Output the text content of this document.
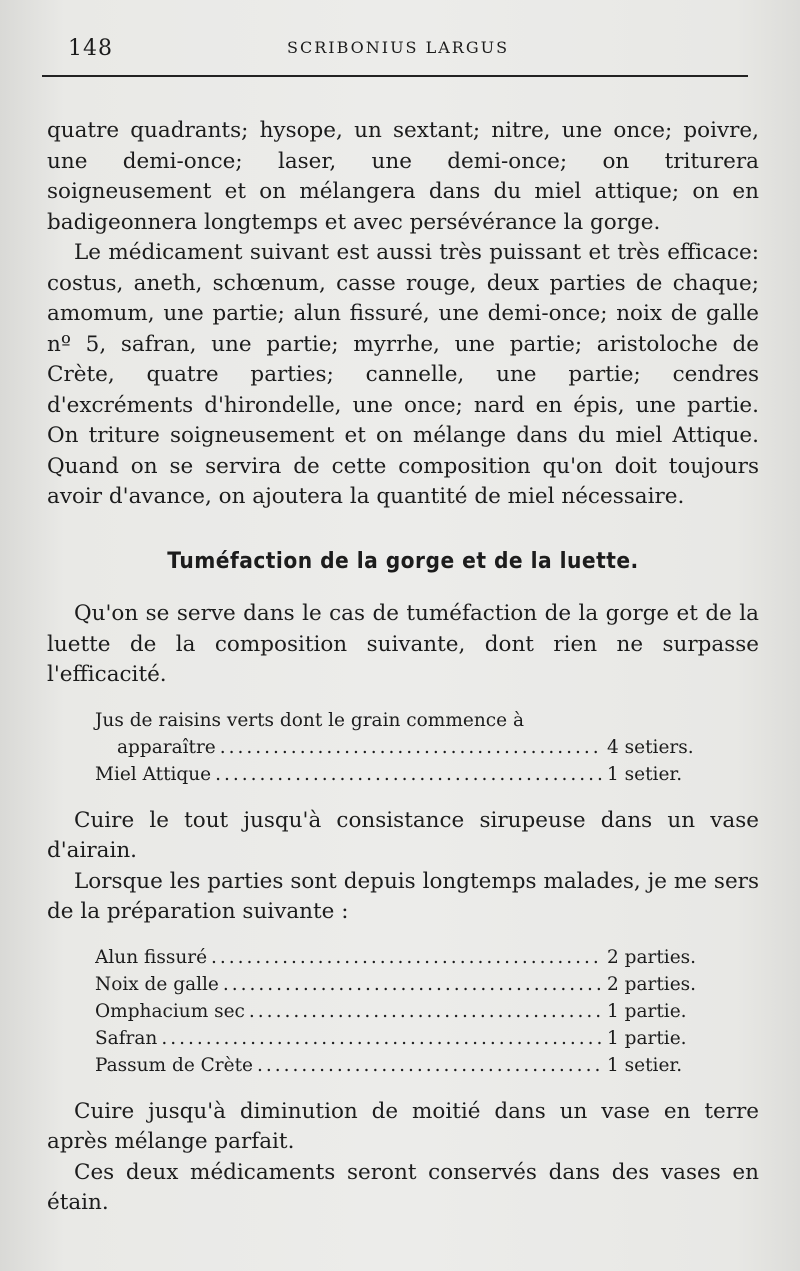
148	SCRIBONIUS LARGUS

quatre quadrants; hysope, un sextant; nitre, une once; poivre, une demi-once; laser, une demi-once; on triturera soigneusement et on mélangera dans du miel attique; on en badigeonnera longtemps et avec persévérance la gorge.

Le médicament suivant est aussi très puissant et très efficace: costus, aneth, schœnum, casse rouge, deux parties de chaque; amomum, une partie; alun fissuré, une demi-once; noix de galle nº 5, safran, une partie; myrrhe, une partie; aristoloche de Crète, quatre parties; cannelle, une partie; cendres d'excréments d'hirondelle, une once; nard en épis, une partie. On triture soigneusement et on mélange dans du miel Attique. Quand on se servira de cette composition qu'on doit toujours avoir d'avance, on ajoutera la quantité de miel nécessaire.

Tuméfaction de la gorge et de la luette.

Qu'on se serve dans le cas de tuméfaction de la gorge et de la luette de la composition suivante, dont rien ne surpasse l'efficacité.

Jus de raisins verts dont le grain commence à
apparaître .....	4 setiers.
Miel Attique .....	1 setier.

Cuire le tout jusqu'à consistance sirupeuse dans un vase d'airain.

Lorsque les parties sont depuis longtemps malades, je me sers de la préparation suivante :

Alun fissuré .....	2 parties.
Noix de galle .....	2 parties.
Omphacium sec .....	1 partie.
Safran .....	1 partie.
Passum de Crète .....	1 setier.

Cuire jusqu'à diminution de moitié dans un vase en terre après mélange parfait.

Ces deux médicaments seront conservés dans des vases en étain.
